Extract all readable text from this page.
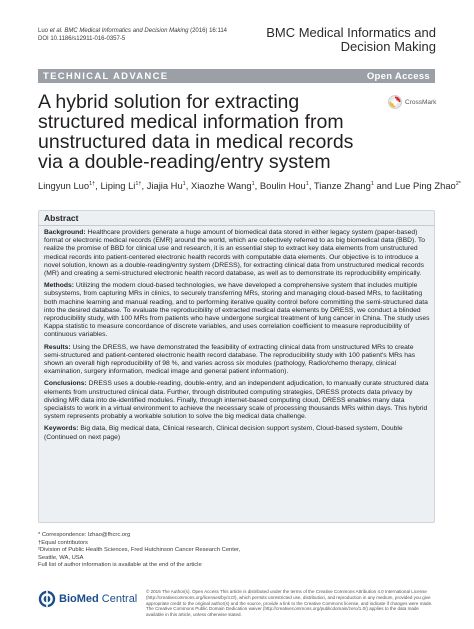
Luo et al. BMC Medical Informatics and Decision Making (2016) 16:114
DOI 10.1186/s12911-016-0357-5	BMC Medical Informatics and
Decision Making
TECHNICAL ADVANCE	Open Access
A hybrid solution for extracting structured medical information from unstructured data in medical records via a double-reading/entry system
CrossMark
Lingyun Luo$^{1\dagger}$, Liping $Li^{1\dagger}$, Jiajia Hu$^1$, Xiaozhe Wang$^1$, Boulin Hou$^1$, Tianze Zhang$^1$ and Lue Ping Zhao$^{2*}$
Abstract

Background: Healthcare providers generate a huge amount of biomedical data stored in either legacy system (paper-based) format or electronic medical records (EMR) around the world, which are collectively referred to as big biomedical data (BBD). To realize the promise of BBD for clinical use and research, it is an essential step to extract key data elements from unstructured medical records into patient-centered electronic health records with computable data elements. Our objective is to introduce a novel solution, known as a double-reading/entry system (DRESS), for extracting clinical data from unstructured medical records (MR) and creating a semi-structured electronic health record database, as well as to demonstrate its reproducibility empirically.

Methods: Utilizing the modern cloud-based technologies, we have developed a comprehensive system that includes multiple subsystems, from capturing MRs in clinics, to securely transferring MRs, storing and managing cloud-based MRs, to facilitating both machine learning and manual reading, and to performing iterative quality control before committing the semi-structured data into the desired database. To evaluate the reproducibility of extracted medical data elements by DRESS, we conduct a blinded reproducibility study, with 100 MRs from patients who have undergone surgical treatment of lung cancer in China. The study uses Kappa statistic to measure concordance of discrete variables, and uses correlation coefficient to measure reproducibility of continuous variables.

Results: Using the DRESS, we have demonstrated the feasibility of extracting clinical data from unstructured MRs to create semi-structured and patient-centered electronic health record database. The reproducibility study with 100 patient's MRs has shown an overall high reproducibility of 98 %, and varies across six modules (pathology, Radio/chemo therapy, clinical examination, surgery information, medical image and general patient information).

Conclusions: DRESS uses a double-reading, double-entry, and an independent adjudication, to manually curate structured data elements from unstructured clinical data. Further, through distributed computing strategies, DRESS protects data privacy by dividing MR data into de-identified modules. Finally, through internet-based computing cloud, DRESS enables many data specialists to work in a virtual environment to achieve the necessary scale of processing thousands MRs within days. This hybrid system represents probably a workable solution to solve the big medical data challenge.

Keywords: Big data, Big medical data, Clinical research, Clinical decision support system, Cloud-based system, Double

(Continued on next page)
* Correspondence: lzhao@fhcrc.org
†Equal contributors
²Division of Public Health Sciences, Fred Hutchinson Cancer Research Center,
Seattle, WA, USA
Full list of author information is available at the end of the article
BioMed Central
© 2016 The Author(s). Open Access This article is distributed under the terms of the Creative Commons Attribution 4.0 International License (http://creativecommons.org/licenses/by/4.0/), which permits unrestricted use, distribution, and reproduction in any medium, provided you give appropriate credit to the original author(s) and the source, provide a link to the Creative Commons license, and indicate if changes were made. The Creative Commons Public Domain Dedication waiver (http://creativecommons.org/publicdomain/zero/1.0/) applies to the data made available in this article, unless otherwise stated.
